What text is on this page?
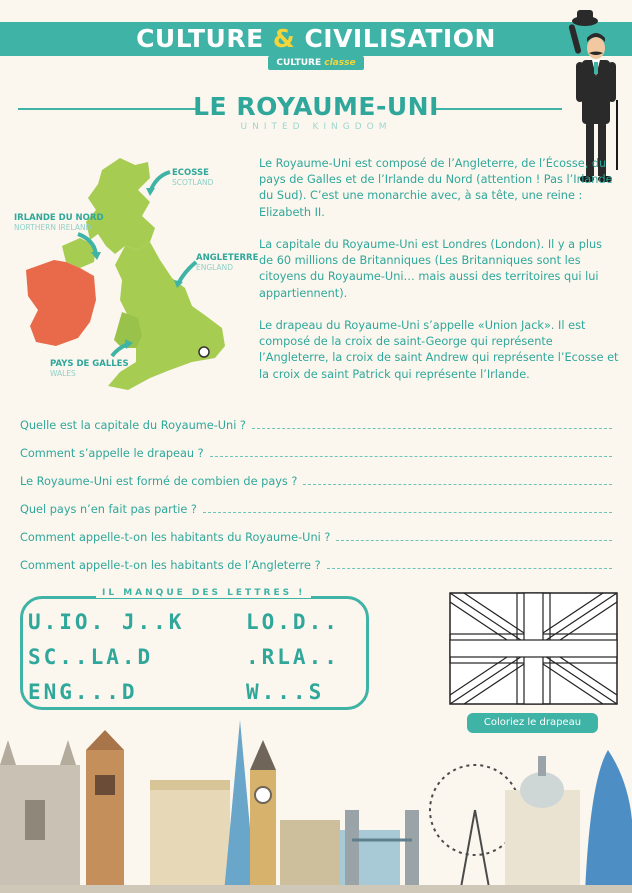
CULTURE & CIVILISATION
CULTURE classe
LE ROYAUME-UNI
UNITED KINGDOM
ECOSSE
SCOTLAND
IRLANDE DU NORD
NORTHERN IRELAND
ANGLETERRE
ENGLAND
PAYS DE GALLES
WALES

Le Royaume-Uni est composé de l’Angleterre, de l’Écosse, du pays de Galles et de l’Irlande du Nord (attention ! Pas l’Irlande du Sud). C’est une monarchie avec, à sa tête, une reine : Elizabeth II.

La capitale du Royaume-Uni est Londres (London). Il y a plus de 60 millions de Britanniques (Les Britanniques sont les citoyens du Royaume-Uni… mais aussi des territoires qui lui appartiennent).

Le drapeau du Royaume-Uni s’appelle «Union Jack». Il est composé de la croix de saint-George qui représente l’Angleterre, la croix de saint Andrew qui représente l’Ecosse et la croix de saint Patrick qui représente l’Irlande.

Quelle est la capitale du Royaume-Uni ?
Comment s’appelle le drapeau ?
Le Royaume-Uni est formé de combien de pays ?
Quel pays n’en fait pas partie ?
Comment appelle-t-on les habitants du Royaume-Uni ?
Comment appelle-t-on les habitants de l’Angleterre ?
IL MANQUE DES LETTRES !
U.IO. J..K	LO.D..
SC..LA.D	.RLA..
ENG...D	W...S
Coloriez le drapeau
